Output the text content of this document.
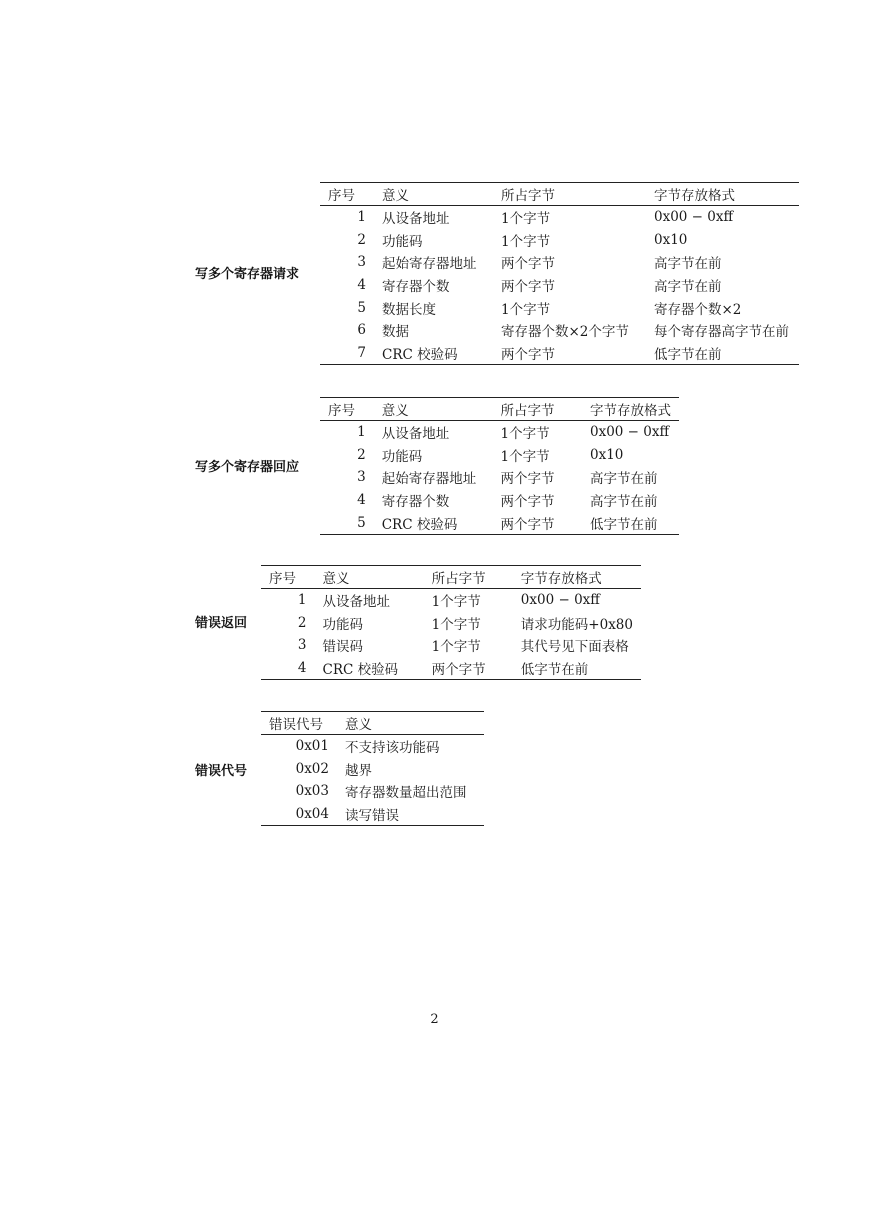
写多个寄存器请求
序号	意义	所占字节	字节存放格式
1	从设备地址	1个字节	0x00 − 0xff
2	功能码	1个字节	0x10
3	起始寄存器地址	两个字节	高字节在前
4	寄存器个数	两个字节	高字节在前
5	数据长度	1个字节	寄存器个数×2
6	数据	寄存器个数×2个字节	每个寄存器高字节在前
7	CRC 校验码	两个字节	低字节在前
写多个寄存器回应
序号	意义	所占字节	字节存放格式
1	从设备地址	1个字节	0x00 − 0xff
2	功能码	1个字节	0x10
3	起始寄存器地址	两个字节	高字节在前
4	寄存器个数	两个字节	高字节在前
5	CRC 校验码	两个字节	低字节在前
错误返回
序号	意义	所占字节	字节存放格式
1	从设备地址	1个字节	0x00 − 0xff
2	功能码	1个字节	请求功能码+0x80
3	错误码	1个字节	其代号见下面表格
4	CRC 校验码	两个字节	低字节在前
错误代号
错误代号	意义
0x01	不支持该功能码
0x02	越界
0x03	寄存器数量超出范围
0x04	读写错误
2
